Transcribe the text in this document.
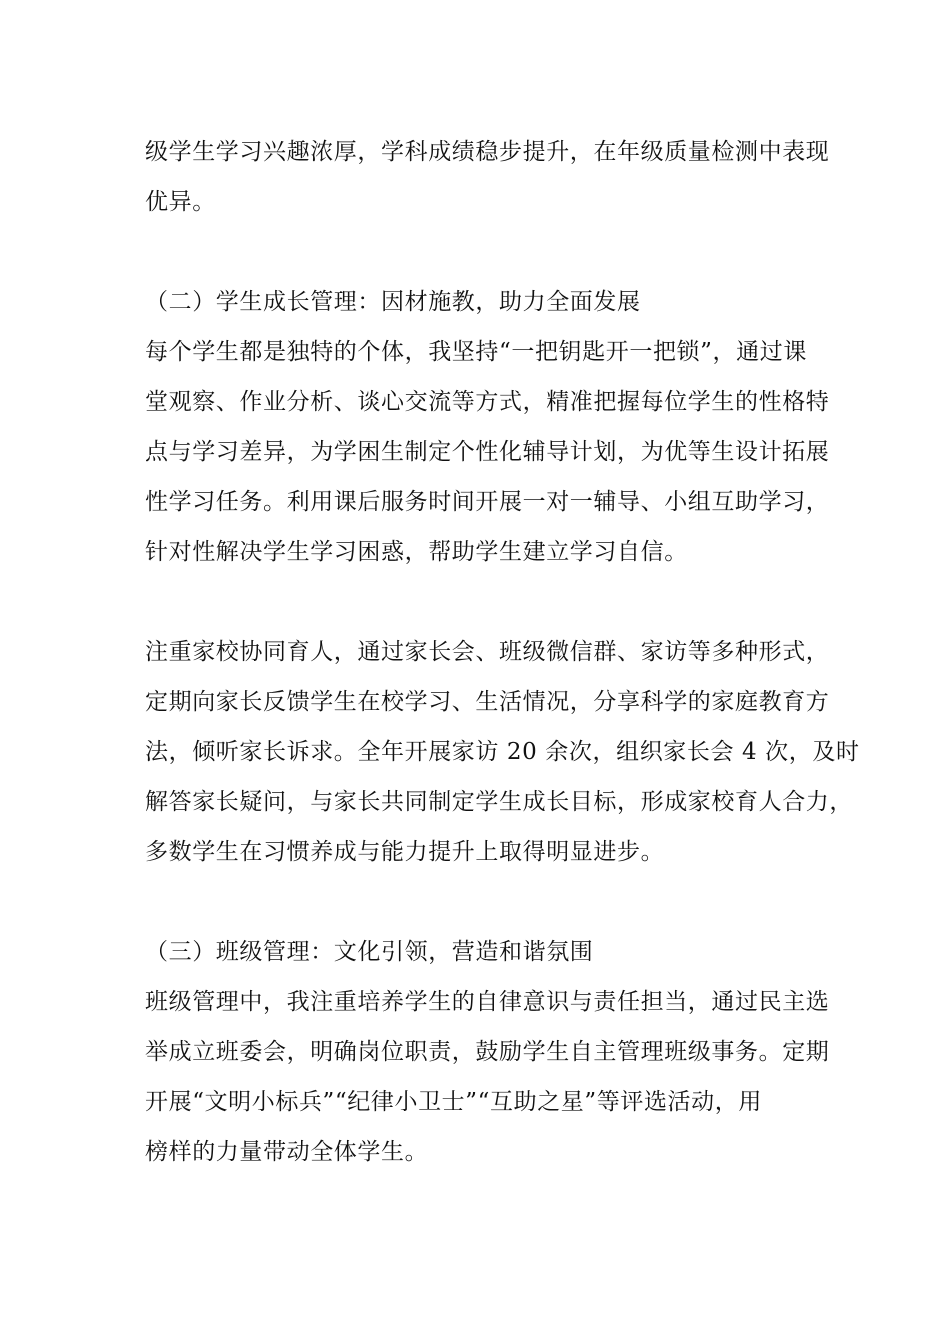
级学生学习兴趣浓厚，学科成绩稳步提升，在年级质量检测中表现
优异。
（二）学生成长管理：因材施教，助力全面发展
每个学生都是独特的个体，我坚持“一把钥匙开一把锁”，通过课
堂观察、作业分析、谈心交流等方式，精准把握每位学生的性格特
点与学习差异，为学困生制定个性化辅导计划，为优等生设计拓展
性学习任务。利用课后服务时间开展一对一辅导、小组互助学习，
针对性解决学生学习困惑，帮助学生建立学习自信。
注重家校协同育人，通过家长会、班级微信群、家访等多种形式，
定期向家长反馈学生在校学习、生活情况，分享科学的家庭教育方
法，倾听家长诉求。全年开展家访 20 余次，组织家长会 4 次，及时
解答家长疑问，与家长共同制定学生成长目标，形成家校育人合力，
多数学生在习惯养成与能力提升上取得明显进步。
（三）班级管理：文化引领，营造和谐氛围
班级管理中，我注重培养学生的自律意识与责任担当，通过民主选
举成立班委会，明确岗位职责，鼓励学生自主管理班级事务。定期
开展“文明小标兵”“纪律小卫士”“互助之星”等评选活动，用
榜样的力量带动全体学生。
